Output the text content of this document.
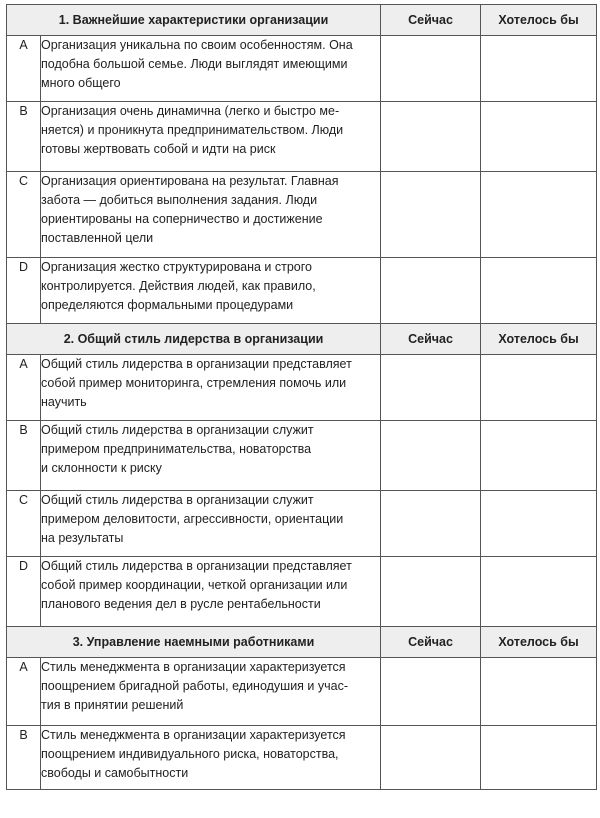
1. Важнейшие характеристики организации		Сейчас	Хотелось бы
A	Организация уникальна по своим особенностям. Она
подобна большой семье. Люди выглядят имеющими
много общего		

B	Организация очень динамична (легко и быстро ме-
няется) и проникнута предпринимательством. Люди
готовы жертвовать собой и идти на риск		

C	Организация ориентирована на результат. Главная
забота — добиться выполнения задания. Люди
ориентированы на соперничество и достижение
поставленной цели		

D	Организация жестко структурирована и строго
контролируется. Действия людей, как правило,
определяются формальными процедурами		

2. Общий стиль лидерства в организации		Сейчас	Хотелось бы
A	Общий стиль лидерства в организации представляет
собой пример мониторинга, стремления помочь или
научить		

B	Общий стиль лидерства в организации служит
примером предпринимательства, новаторства
и склонности к риску		

C	Общий стиль лидерства в организации служит
примером деловитости, агрессивности, ориентации
на результаты		

D	Общий стиль лидерства в организации представляет
собой пример координации, четкой организации или
планового ведения дел в русле рентабельности		

3. Управление наемными работниками		Сейчас	Хотелось бы
A	Стиль менеджмента в организации характеризуется
поощрением бригадной работы, единодушия и учас-
тия в принятии решений		

B	Стиль менеджмента в организации характеризуется
поощрением индивидуального риска, новаторства,
свободы и самобытности		
